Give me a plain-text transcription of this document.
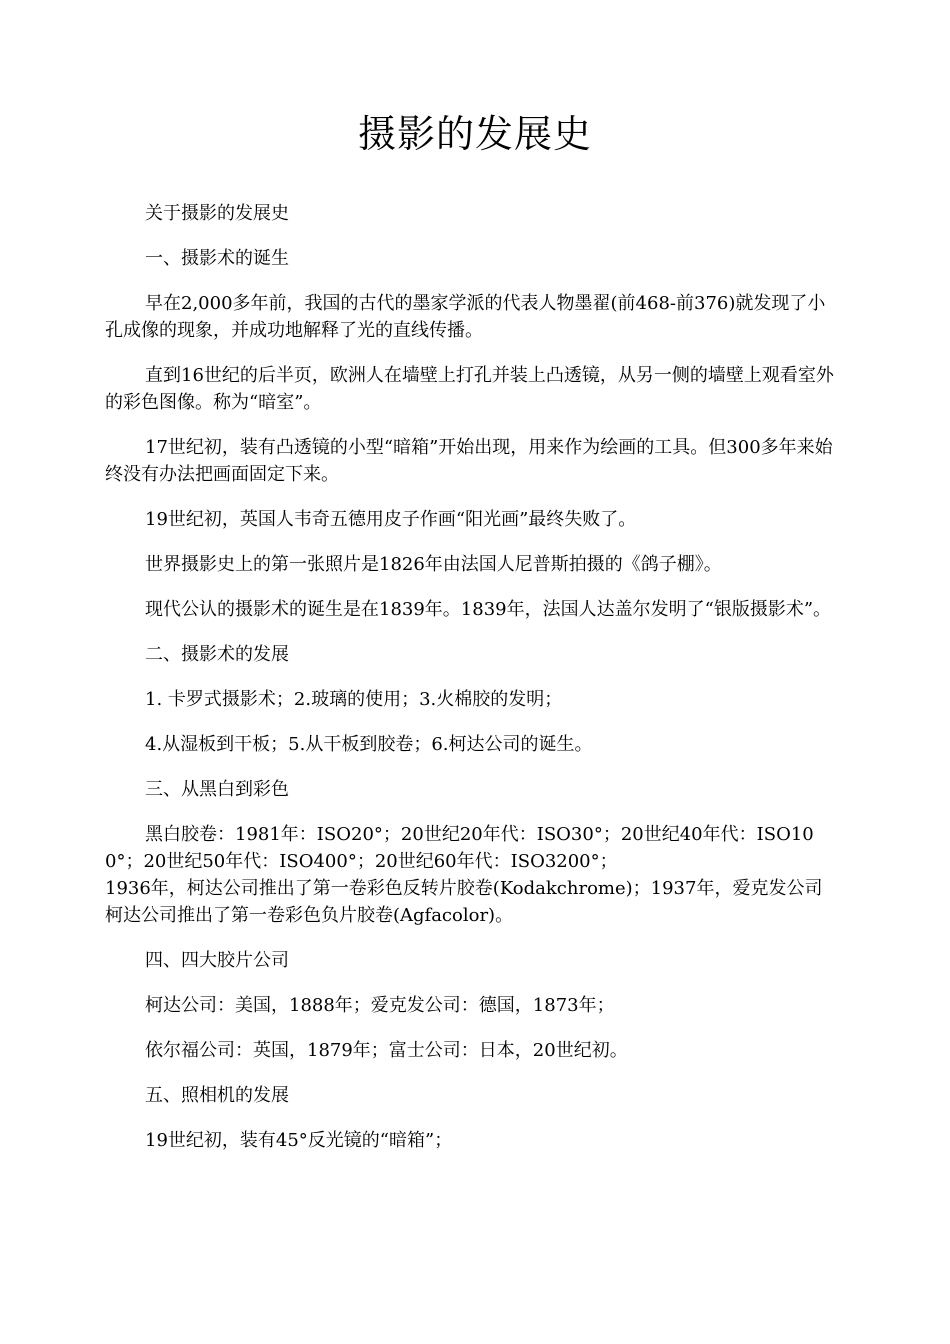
摄影的发展史

关于摄影的发展史

一、摄影术的诞生

早在2,000多年前，我国的古代的墨家学派的代表人物墨翟(前468-前376)就发现了小孔成像的现象，并成功地解释了光的直线传播。

直到16世纪的后半页，欧洲人在墙壁上打孔并装上凸透镜，从另一侧的墙壁上观看室外的彩色图像。称为“暗室”。

17世纪初，装有凸透镜的小型“暗箱”开始出现，用来作为绘画的工具。但300多年来始终没有办法把画面固定下来。

19世纪初，英国人韦奇五德用皮子作画“阳光画”最终失败了。

世界摄影史上的第一张照片是1826年由法国人尼普斯拍摄的《鸽子棚》。

现代公认的摄影术的诞生是在1839年。1839年，法国人达盖尔发明了“银版摄影术”。

二、摄影术的发展

1. 卡罗式摄影术；2.玻璃的使用；3.火棉胶的发明；

4.从湿板到干板；5.从干板到胶卷；6.柯达公司的诞生。

三、从黑白到彩色

黑白胶卷：1981年：ISO20°；20世纪20年代：ISO30°；20世纪40年代：ISO100°；20世纪50年代：ISO400°；20世纪60年代：ISO3200°；

1936年，柯达公司推出了第一卷彩色反转片胶卷(Kodakchrome)；1937年，爱克发公司柯达公司推出了第一卷彩色负片胶卷(Agfacolor)。

四、四大胶片公司

柯达公司：美国，1888年；爱克发公司：德国，1873年；

依尔福公司：英国，1879年；富士公司：日本，20世纪初。

五、照相机的发展

19世纪初，装有45°反光镜的“暗箱”；
